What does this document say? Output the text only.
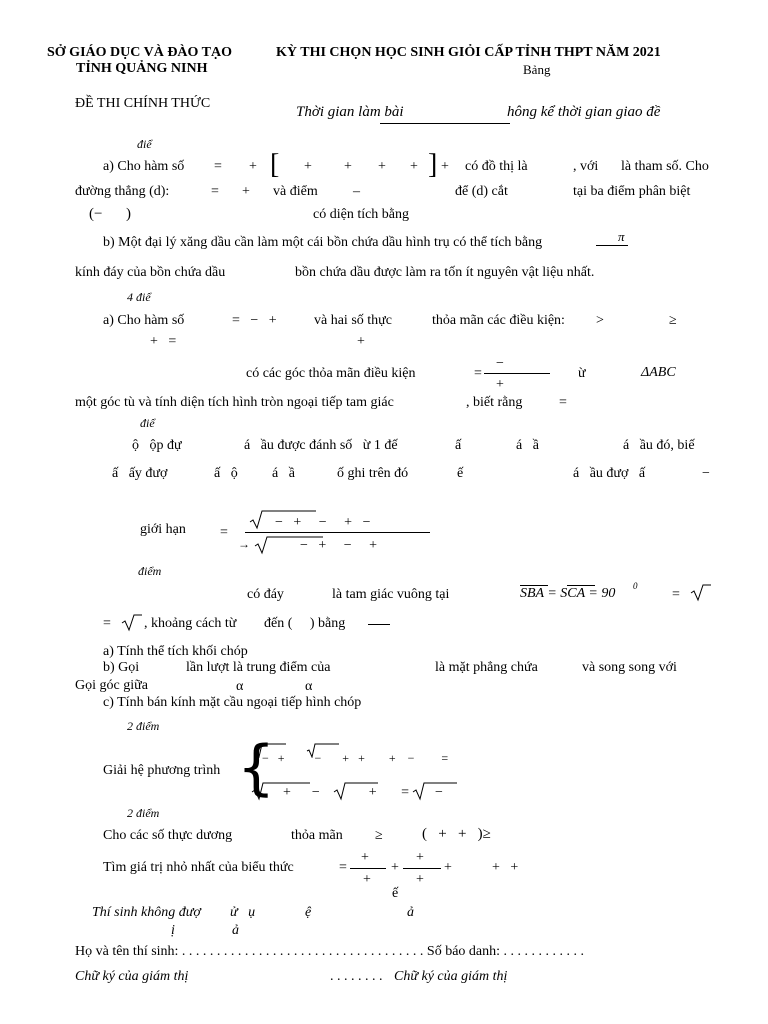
SỞ GIÁO DỤC VÀ ĐÀO TẠO
TỈNH QUẢNG NINH
KỲ THI CHỌN HỌC SINH GIỎI CẤP TỈNH THPT NĂM 2021
Bảng
ĐỀ THI CHÍNH THỨC
Thời gian làm bài	hông kể thời gian giao đề
điể
a) Cho hàm số = + [ + + + + ] + có đồ thị là	, với là tham số. Cho
đường thẳng (d):	= + và điểm	–	để (d) cắt	tại ba điểm phân biệt
(− )	có diện tích bằng
b) Một đại lý xăng dầu cần làm một cái bồn chứa dầu hình trụ có thể tích bằng	π
kính đáy của bồn chứa dầu	bồn chứa dầu được làm ra tốn ít nguyên vật liệu nhất.
4 điể
a) Cho hàm số	=   −   +	và hai số thực	thỏa mãn các điều kiện: >	≥
+   =	+
có các góc thỏa mãn điều kiện	=
−
+
ừ	ΔABC
một góc tù và tính diện tích hình tròn ngoại tiếp tam giác	, biết rằng	=
điể
ộ   ộp đự	á   ầu được đánh số   ừ 1 đế	ấ	á   ầ	á   ầu đó, biế
ấ   ấy đượ	ấ   ộ á   ầ	ố ghi trên đó	ế	á   ầu đượ   ấ	−
giới hạn =
→
−   +     −     +   −
−   +     −     +
điểm
có đáy	là tam giác vuông tại	SBA = SCA = 90 0
=
= , khoảng cách từ đến (     ) bằng
a) Tính thể tích khối chóp
b) Gọi	lần lượt là trung điểm của	là mặt phẳng chứa	và song song với
Gọi góc giữa	α	α
c) Tính bán kính mặt cầu ngoại tiếp hình chóp
2 điểm
Giải hệ phương trình {
−   +          −       +   +        +    −         =
+      −              +       = −
2 điểm
Cho các số thực dương	thỏa mãn ≥	(   +   +   )≥
Tìm giá trị nhỏ nhất của biểu thức	=
+
+
+
+
+
+	+   +
ế
Thí sinh không đượ ử   ụ	ệ	ả
ị	ả
Họ và tên thí sinh: . . . . . . . . . . . . . . . . . . . . . . . . . . . . . . . . . . . Số báo danh: . . . . . . . . . . . .
Chữ ký của giám thị	. . . . . . . . Chữ ký của giám thị
